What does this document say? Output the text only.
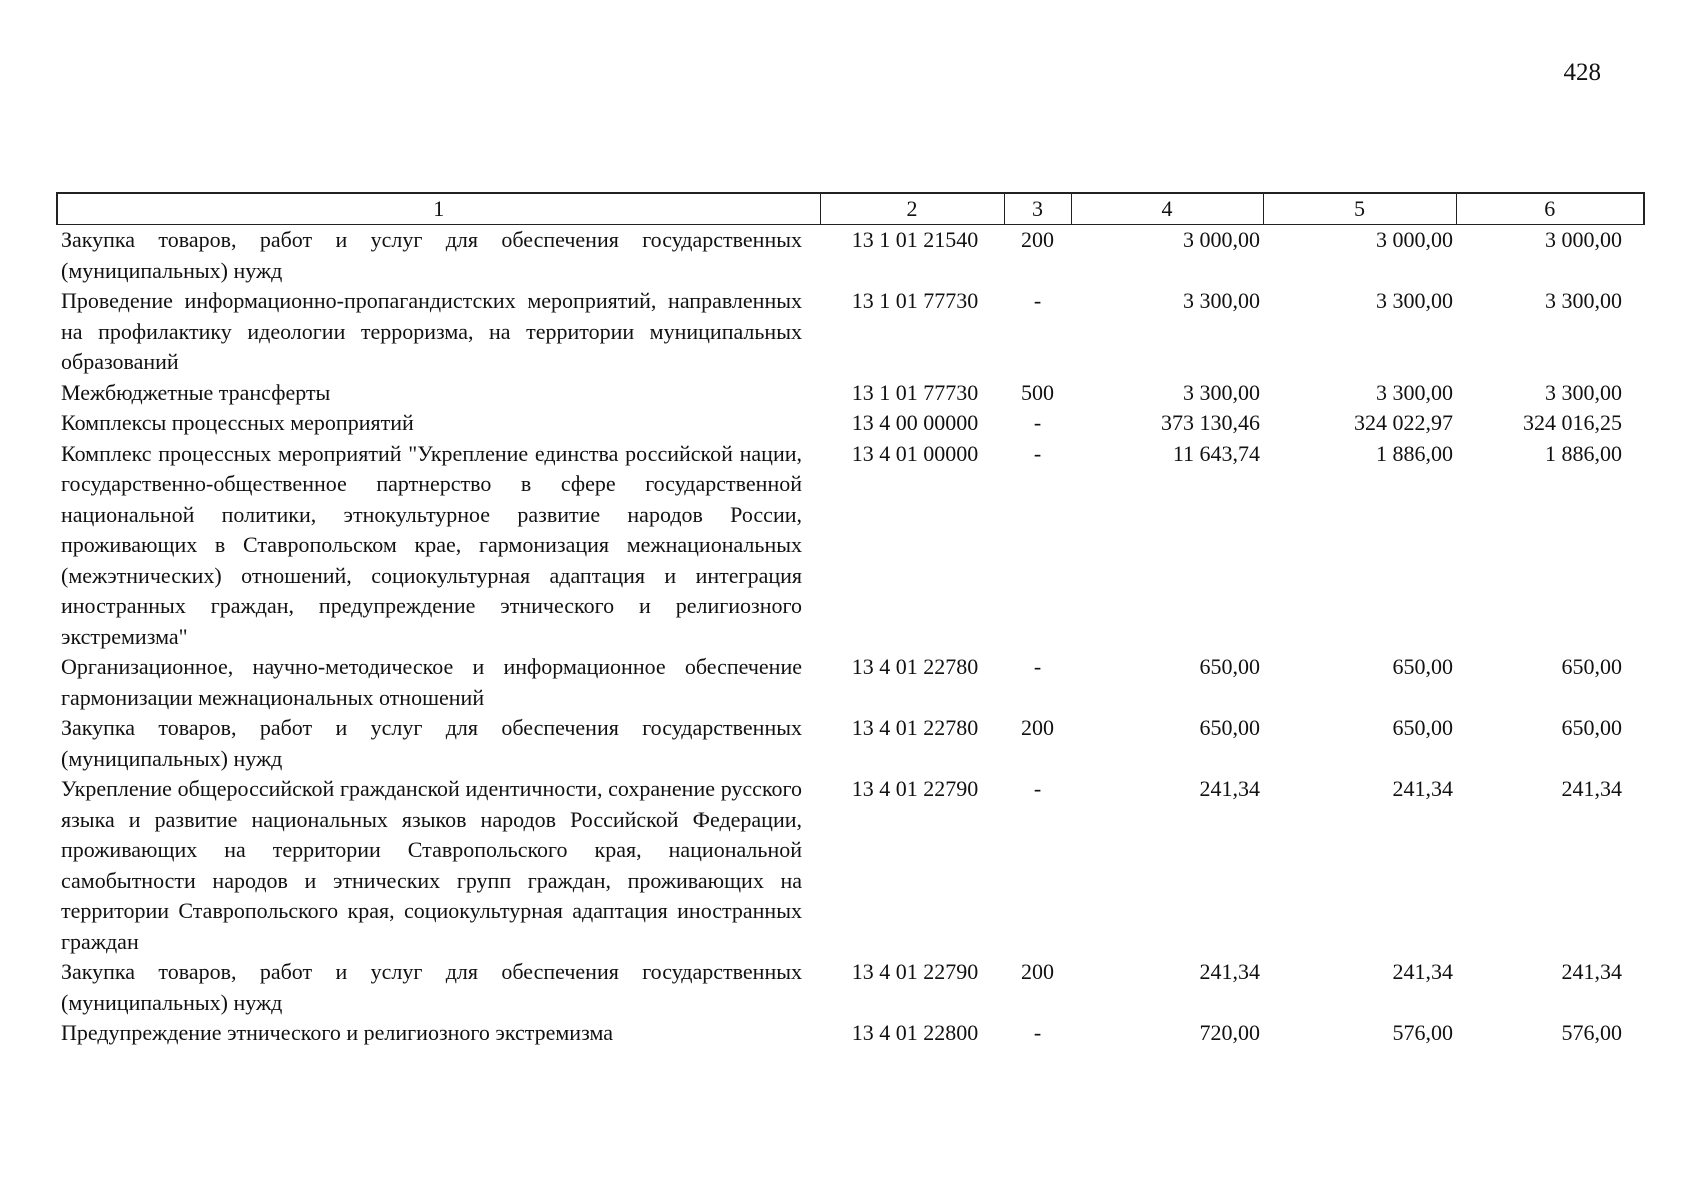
428
1	2	3	4	5	6
Закупка товаров, работ и услуг для обеспечения государственных (муниципальных) нужд	13 1 01 21540	200	3 000,00	3 000,00	3 000,00
Проведение информационно-пропагандистских мероприятий, направленных на профилактику идеологии терроризма, на территории муниципальных образований	13 1 01 77730	-	3 300,00	3 300,00	3 300,00
Межбюджетные трансферты	13 1 01 77730	500	3 300,00	3 300,00	3 300,00
Комплексы процессных мероприятий	13 4 00 00000	-	373 130,46	324 022,97	324 016,25
Комплекс процессных мероприятий "Укрепление единства российской нации, государственно-общественное партнерство в сфере государственной национальной политики, этнокультурное развитие народов России, проживающих в Ставропольском крае, гармонизация межнациональных (межэтнических) отношений, социокультурная адаптация и интеграция иностранных граждан, предупреждение этнического и религиозного экстремизма"	13 4 01 00000	-	11 643,74	1 886,00	1 886,00
Организационное, научно-методическое и информационное обеспечение гармонизации межнациональных отношений	13 4 01 22780	-	650,00	650,00	650,00
Закупка товаров, работ и услуг для обеспечения государственных (муниципальных) нужд	13 4 01 22780	200	650,00	650,00	650,00
Укрепление общероссийской гражданской идентичности, сохранение русского языка и развитие национальных языков народов Российской Федерации, проживающих на территории Ставропольского края, национальной самобытности народов и этнических групп граждан, проживающих на территории Ставропольского края, социокультурная адаптация иностранных граждан	13 4 01 22790	-	241,34	241,34	241,34
Закупка товаров, работ и услуг для обеспечения государственных (муниципальных) нужд	13 4 01 22790	200	241,34	241,34	241,34
Предупреждение этнического и религиозного экстремизма	13 4 01 22800	-	720,00	576,00	576,00
